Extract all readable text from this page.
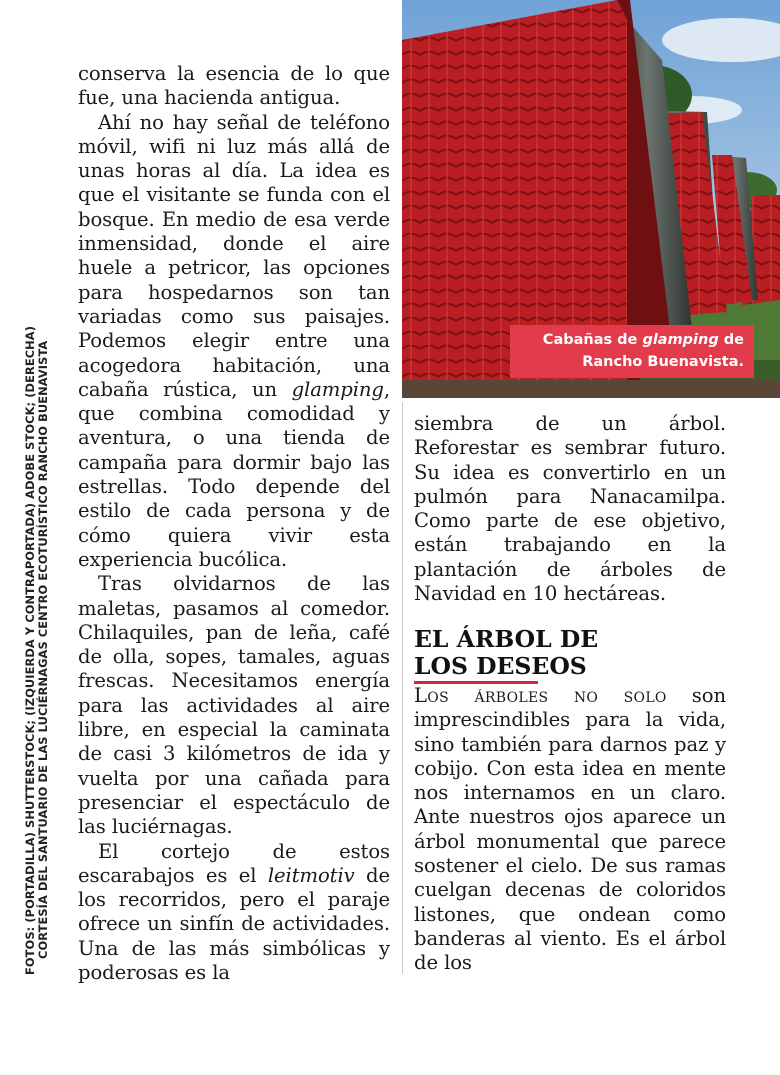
FOTOS: (PORTADILLA) SHUTTERSTOCK; (IZQUIERDA Y CONTRAPORTADA) ADOBE STOCK; (DERECHA) CORTESÍA DEL SANTUARIO DE LAS LUCIÉRNAGAS CENTRO ECOTURÍSTICO RANCHO BUENAVISTA

conserva la esencia de lo que fue, una hacienda antigua.

Ahí no hay señal de teléfono móvil, wifi ni luz más allá de unas horas al día. La idea es que el visitante se funda con el bosque. En medio de esa verde inmensidad, donde el aire huele a petricor, las opciones para hospedarnos son tan variadas como sus paisajes. Podemos elegir entre una acogedora habitación, una cabaña rústica, un glamping, que combina comodidad y aventura, o una tienda de campaña para dormir bajo las estrellas. Todo depende del estilo de cada persona y de cómo quiera vivir esta experiencia bucólica.

Tras olvidarnos de las maletas, pasamos al comedor. Chilaquiles, pan de leña, café de olla, sopes, tamales, aguas frescas. Necesitamos energía para las actividades al aire libre, en especial la caminata de casi 3 kilómetros de ida y vuelta por una cañada para presenciar el espectáculo de las luciérnagas.

El cortejo de estos escarabajos es el leitmotiv de los recorridos, pero el paraje ofrece un sinfín de actividades. Una de las más simbólicas y poderosas es la

Cabañas de glamping de
Rancho Buenavista.
EL ÁRBOL DE
LOS DESEOS

siembra de un árbol. Reforestar es sembrar futuro. Su idea es convertirlo en un pulmón para Nanacamilpa. Como parte de ese objetivo, están trabajando en la plantación de árboles de Navidad en 10 hectáreas.

Los árboles no solo son imprescindibles para la vida, sino también para darnos paz y cobijo. Con esta idea en mente nos internamos en un claro. Ante nuestros ojos aparece un árbol monumental que parece sostener el cielo. De sus ramas cuelgan decenas de coloridos listones, que ondean como banderas al viento. Es el árbol de los
